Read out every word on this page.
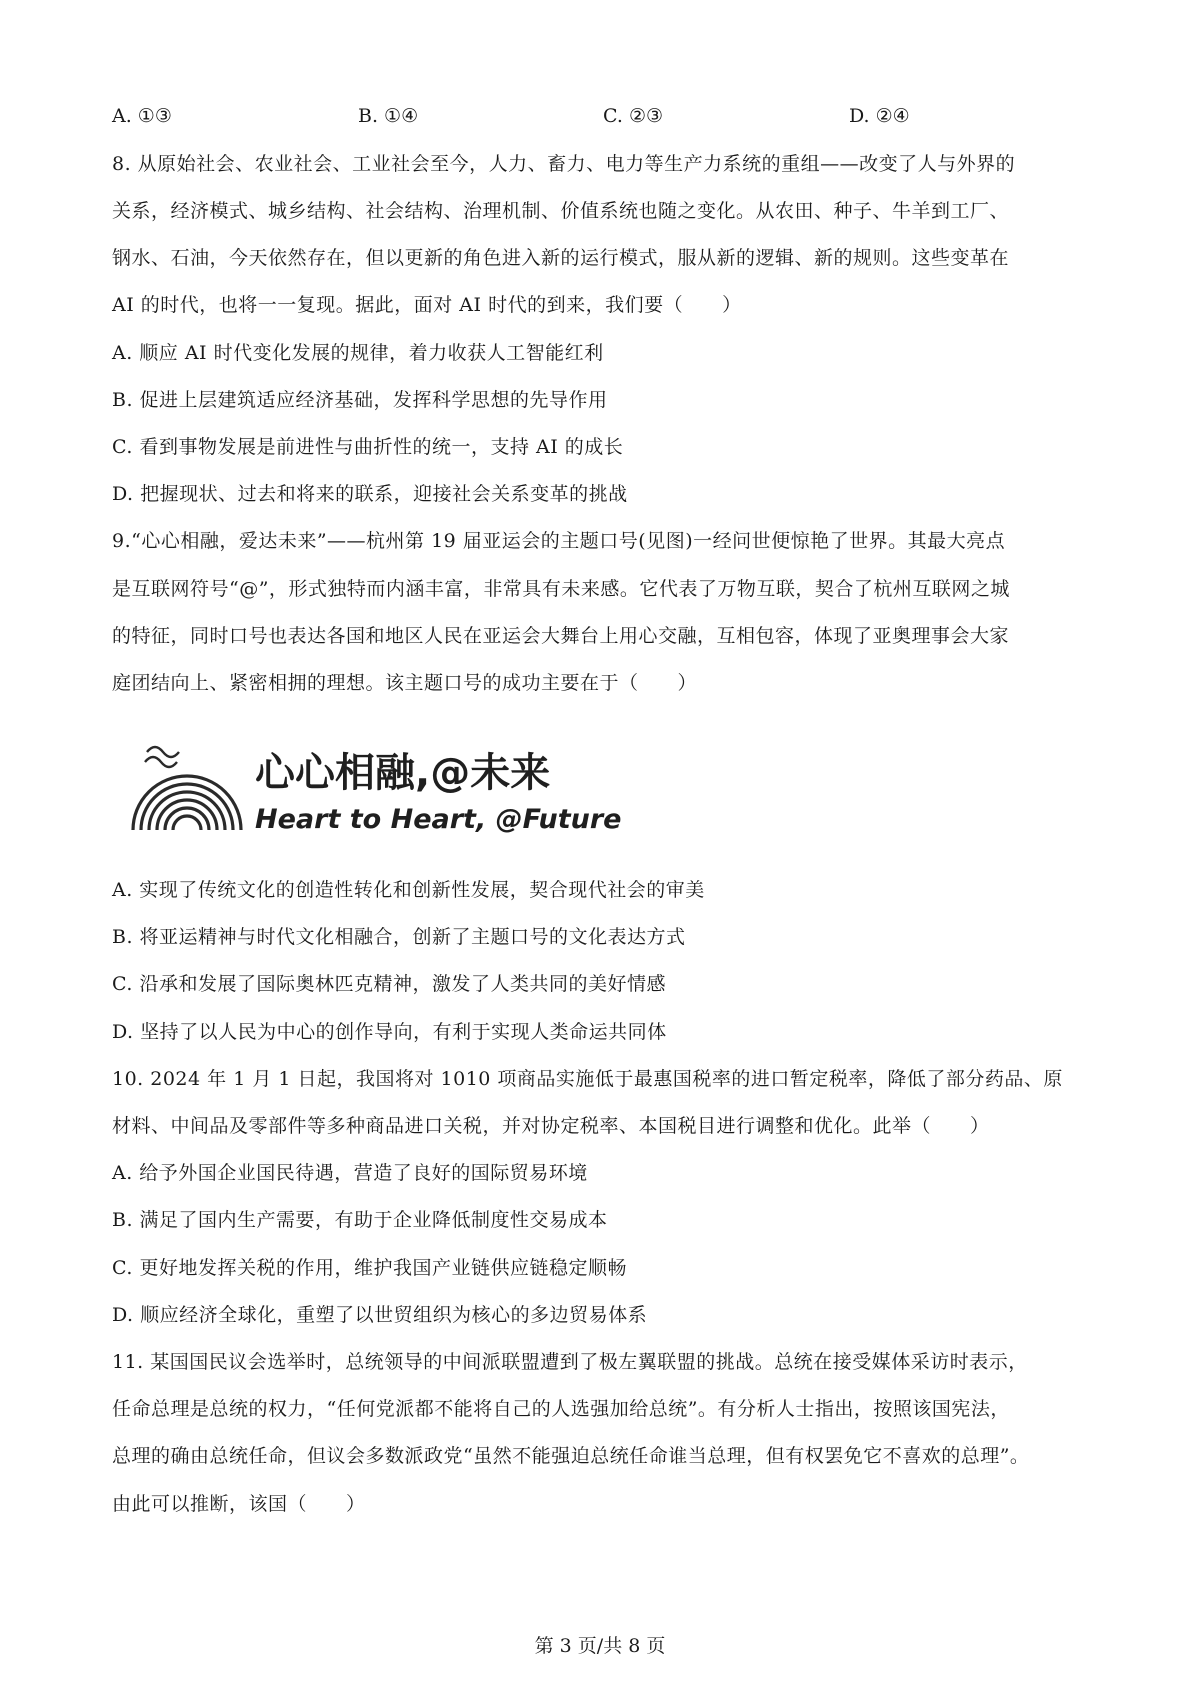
A. ①③	B. ①④	C. ②③	D. ②④
8. 从原始社会、农业社会、工业社会至今，人力、畜力、电力等生产力系统的重组——改变了人与外界的
关系，经济模式、城乡结构、社会结构、治理机制、价值系统也随之变化。从农田、种子、牛羊到工厂、
钢水、石油，今天依然存在，但以更新的角色进入新的运行模式，服从新的逻辑、新的规则。这些变革在
AI 的时代，也将一一复现。据此，面对 AI 时代的到来，我们要（　　）
A. 顺应 AI 时代变化发展的规律，着力收获人工智能红利
B. 促进上层建筑适应经济基础，发挥科学思想的先导作用
C. 看到事物发展是前进性与曲折性的统一，支持 AI 的成长
D. 把握现状、过去和将来的联系，迎接社会关系变革的挑战
9.“心心相融，爱达未来”——杭州第 19 届亚运会的主题口号(见图)一经问世便惊艳了世界。其最大亮点
是互联网符号“@”，形式独特而内涵丰富，非常具有未来感。它代表了万物互联，契合了杭州互联网之城
的特征，同时口号也表达各国和地区人民在亚运会大舞台上用心交融，互相包容，体现了亚奥理事会大家
庭团结向上、紧密相拥的理想。该主题口号的成功主要在于（　　）
心心相融,@未来
Heart to Heart, @Future
A. 实现了传统文化的创造性转化和创新性发展，契合现代社会的审美
B. 将亚运精神与时代文化相融合，创新了主题口号的文化表达方式
C. 沿承和发展了国际奥林匹克精神，激发了人类共同的美好情感
D. 坚持了以人民为中心的创作导向，有利于实现人类命运共同体
10. 2024 年 1 月 1 日起，我国将对 1010 项商品实施低于最惠国税率的进口暂定税率，降低了部分药品、原
材料、中间品及零部件等多种商品进口关税，并对协定税率、本国税目进行调整和优化。此举（　　）
A. 给予外国企业国民待遇，营造了良好的国际贸易环境
B. 满足了国内生产需要，有助于企业降低制度性交易成本
C. 更好地发挥关税的作用，维护我国产业链供应链稳定顺畅
D. 顺应经济全球化，重塑了以世贸组织为核心的多边贸易体系
11. 某国国民议会选举时，总统领导的中间派联盟遭到了极左翼联盟的挑战。总统在接受媒体采访时表示，
任命总理是总统的权力，“任何党派都不能将自己的人选强加给总统”。有分析人士指出，按照该国宪法，
总理的确由总统任命，但议会多数派政党“虽然不能强迫总统任命谁当总理，但有权罢免它不喜欢的总理”。
由此可以推断，该国（　　）
第 3 页/共 8 页
